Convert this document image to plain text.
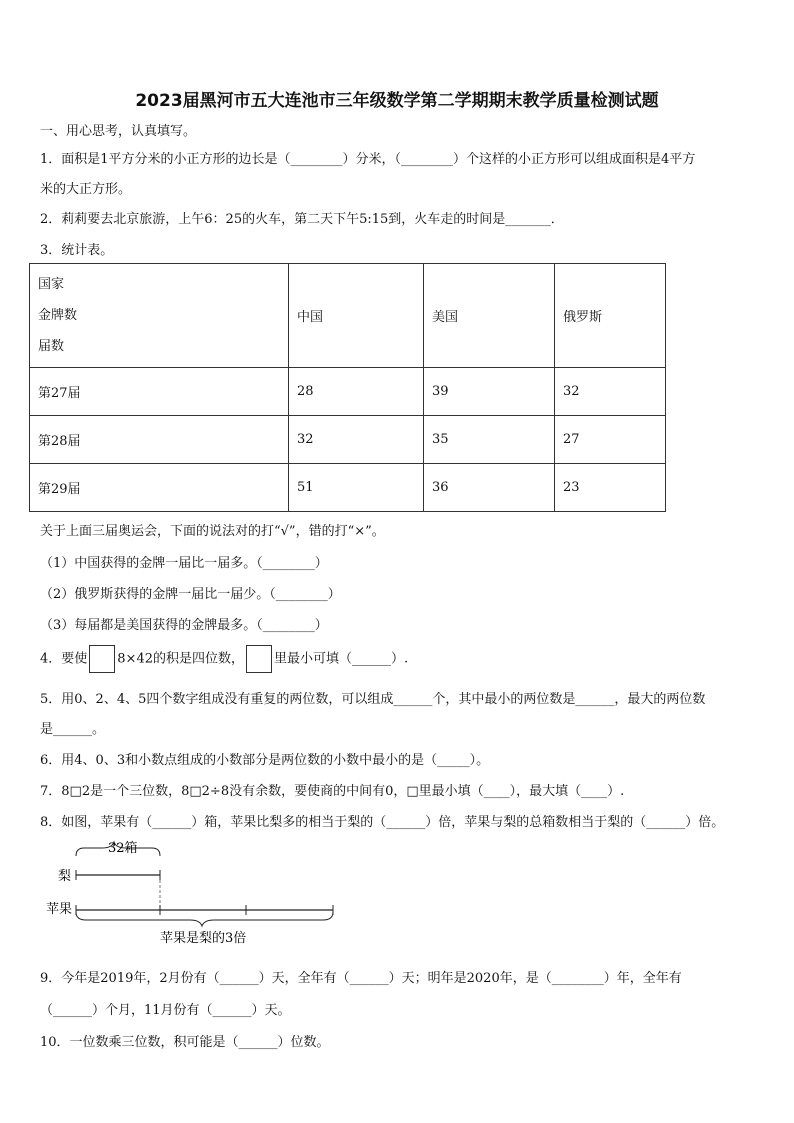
2023届黑河市五大连池市三年级数学第二学期期末教学质量检测试题
一、用心思考，认真填写。
1．面积是1平方分米的小正方形的边长是（________）分米，（________）个这样的小正方形可以组成面积是4平方
米的大正方形。
2．莉莉要去北京旅游，上午6：25的火车，第二天下午5:15到，火车走的时间是_______．
3．统计表。
国家
金牌数
届数	中国	美国	俄罗斯
第27届	28	39	32
第28届	32	35	27
第29届	51	36	23
关于上面三届奥运会，下面的说法对的打“√”，错的打“×”。
（1）中国获得的金牌一届比一届多。（________）
（2）俄罗斯获得的金牌一届比一届少。（________）
（3）每届都是美国获得的金牌最多。（________）
4．要使 8×42的积是四位数， 里最小可填（______）.
5．用0、2、4、5四个数字组成没有重复的两位数，可以组成______个，其中最小的两位数是______，最大的两位数
是______。
6．用4、0、3和小数点组成的小数部分是两位数的小数中最小的是（_____）。
7．8□2是一个三位数，8□2÷8没有余数，要使商的中间有0，□里最小填（____），最大填（____）.
8．如图，苹果有（______）箱，苹果比梨多的相当于梨的（______）倍，苹果与梨的总箱数相当于梨的（______）倍。
32箱
梨
苹果
苹果是梨的3倍
9．今年是2019年，2月份有（______）天，全年有（______）天；明年是2020年，是（________）年，全年有
（______）个月，11月份有（______）天。
10．一位数乘三位数，积可能是（______）位数。
